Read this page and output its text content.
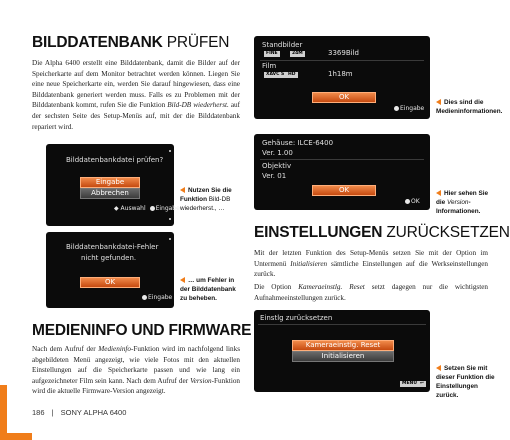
BILDDATENBANK PRÜFEN
Die Alpha 6400 erstellt eine Bilddatenbank, damit die Bilder auf der Speicherkarte auf dem Monitor betrachtet werden können. Liegen Sie eine neue Speicherkarte ein, werden Sie darauf hingewiesen, dass eine Bilddatenbank generiert werden muss. Falls es zu Problemen mit der Bilddatenbank kommt, rufen Sie die Funktion Bild-DB wiederherst. auf der sechsten Seite des Setup-Menüs auf, mit der die Bilddatenbank repariert wird.
Bilddatenbankdatei prüfen?
Eingabe
Abbrechen
◆ Auswahl Eingabe
Nutzen Sie die Funktion Bild-DB wiederherst., …
Bilddatenbankdatei-Fehler
nicht gefunden.
OK
Eingabe
… um Fehler in der Bilddatenbank zu beheben.
MEDIENINFO UND FIRMWARE
Nach dem Aufruf der Medieninfo-Funktion wird im nachfolgend links abgebildeten Menü angezeigt, wie viele Fotos mit den aktuellen Einstellungen auf die Speicherkarte passen und wie lang ein aufgezeichneter Film sein kann. Nach dem Aufruf der Version-Funktion wird die aktuelle Firmware-Version angezeigt.
186 | SONY ALPHA 6400
Standbilder
FINE	24M	3369Bild
Film
XAVC S HD	1h18m
OK
Eingabe
Dies sind die Medieninformationen.
Gehäuse: ILCE-6400
Ver. 1.00
Objektiv
Ver. 01
OK
OK
Hier sehen Sie die Version-Informationen.
EINSTELLUNGEN ZURÜCKSETZEN
Mit der letzten Funktion des Setup-Menüs setzen Sie mit der Option im Untermenü Initialisieren sämtliche Einstellungen auf die Werkseinstellungen zurück.
Die Option Kameraeinstlg. Reset setzt dagegen nur die wichtigsten Aufnahmeeinstellungen zurück.
Einstlg zurücksetzen
Kameraeinstlg. Reset
Initialisieren
MENU ↩
Setzen Sie mit dieser Funktion die Einstellungen zurück.
